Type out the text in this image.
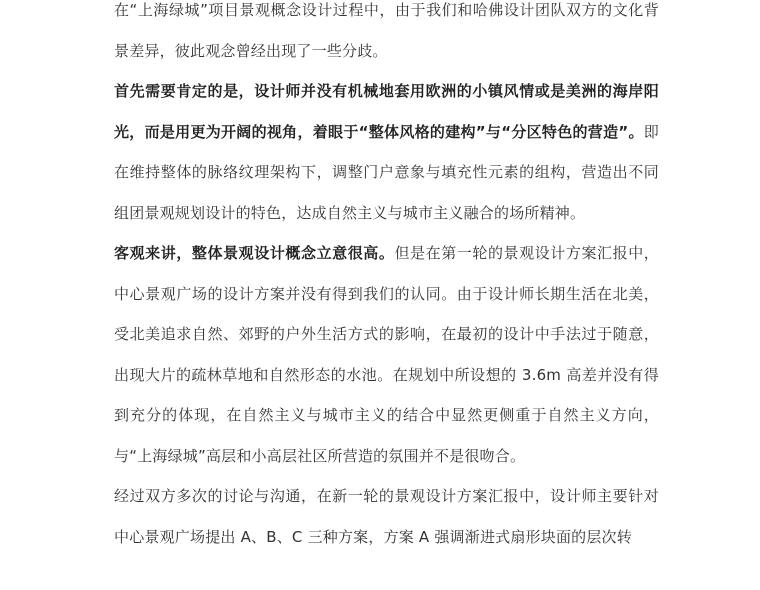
在“上海绿城”项目景观概念设计过程中，由于我们和哈佛设计团队双方的文化背景差异，彼此观念曾经出现了一些分歧。

首先需要肯定的是，设计师并没有机械地套用欧洲的小镇风情或是美洲的海岸阳光，而是用更为开阔的视角，着眼于“整体风格的建构”与“分区特色的营造”。即在维持整体的脉络纹理架构下，调整门户意象与填充性元素的组构，营造出不同组团景观规划设计的特色，达成自然主义与城市主义融合的场所精神。

客观来讲，整体景观设计概念立意很高。但是在第一轮的景观设计方案汇报中，中心景观广场的设计方案并没有得到我们的认同。由于设计师长期生活在北美，受北美追求自然、郊野的户外生活方式的影响，在最初的设计中手法过于随意，出现大片的疏林草地和自然形态的水池。在规划中所设想的 3.6m 高差并没有得到充分的体现，在自然主义与城市主义的结合中显然更侧重于自然主义方向，与“上海绿城”高层和小高层社区所营造的氛围并不是很吻合。

经过双方多次的讨论与沟通，在新一轮的景观设计方案汇报中，设计师主要针对中心景观广场提出 A、B、C 三种方案，方案 A 强调渐进式扇形块面的层次转
